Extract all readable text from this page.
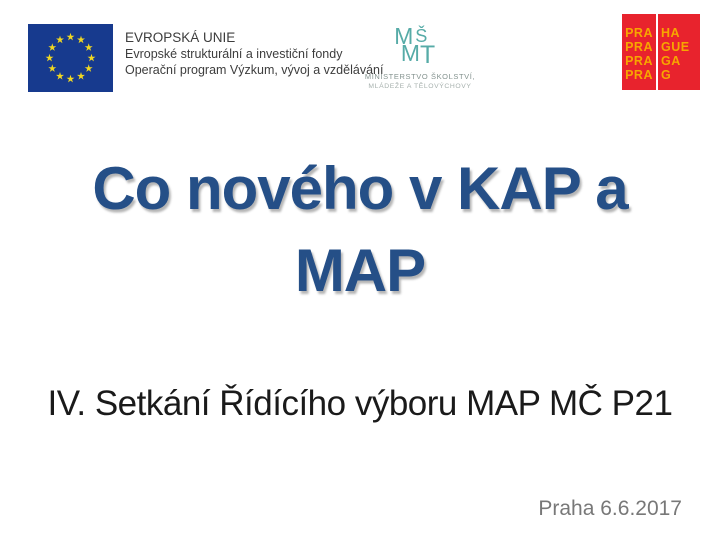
EVROPSKÁ UNIE
Evropské strukturální a investiční fondy
Operační program Výzkum, vývoj a vzdělávání
M Š
M T
MINISTERSTVO ŠKOLSTVÍ,
MLÁDEŽE A TĚLOVÝCHOVY
PRA
PRA
PRA
PRA
HA
GUE
GA
G
Co nového v KAP a
MAP

IV. Setkání Řídícího výboru MAP MČ P21

Praha 6.6.2017
